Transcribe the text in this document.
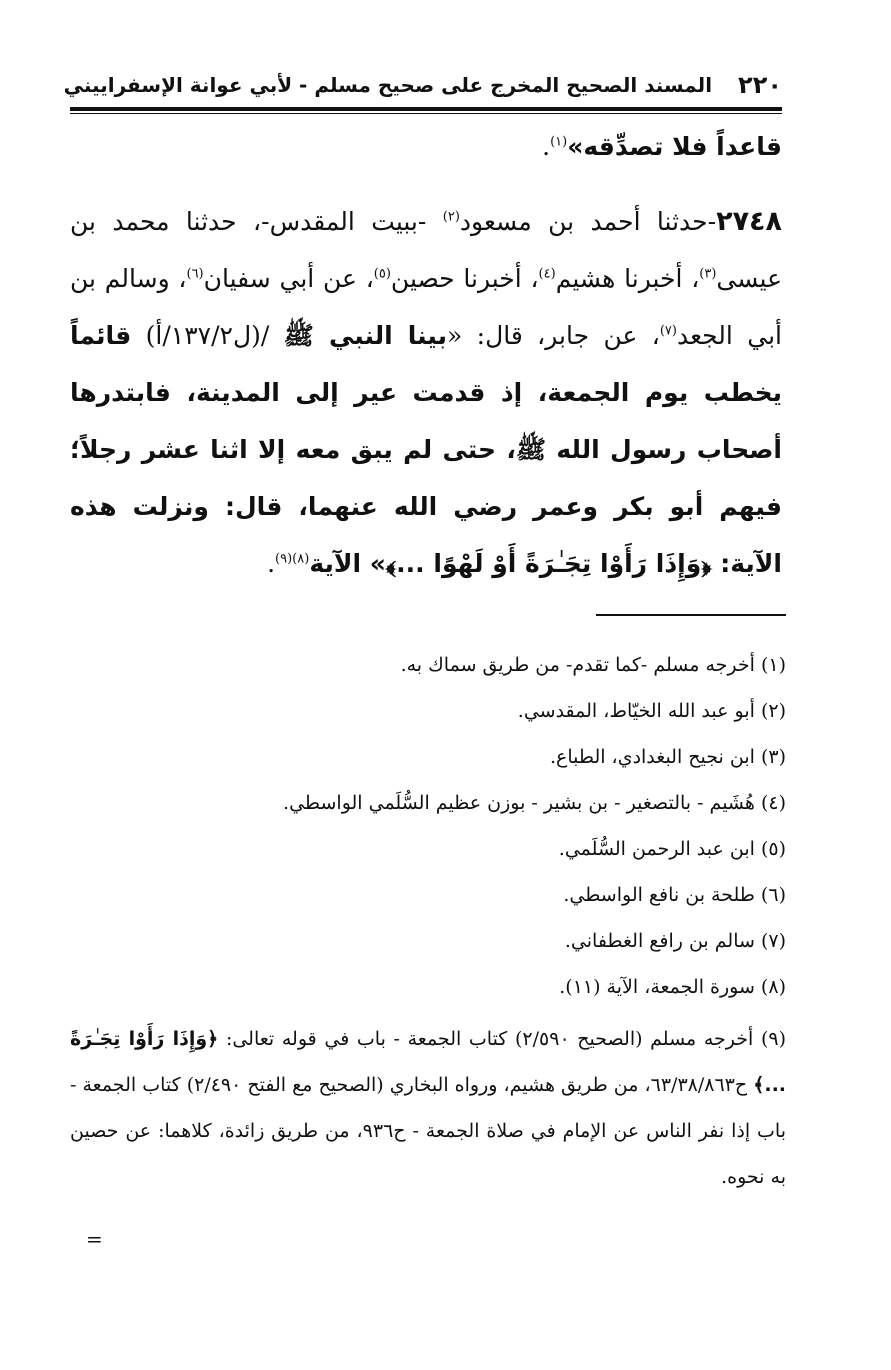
٢٢٠
المسند الصحيح المخرج على صحيح مسلم - لأبي عوانة الإسفراييني

قاعداً فلا تصدِّقه»$^{(١)}$.

٢٧٤٨-حدثنا أحمد بن مسعود$^{(٢)}$ -ببيت المقدس-، حدثنا محمد بن عيسى$^{(٣)}$، أخبرنا هشيم$^{(٤)}$، أخبرنا حصين$^{(٥)}$، عن أبي سفيان$^{(٦)}$، وسالم بن أبي الجعد$^{(٧)}$، عن جابر، قال: «بينا النبي ﷺ /(ل١٣٧/٢/أ) قائماً يخطب يوم الجمعة، إذ قدمت عير إلى المدينة، فابتدرها أصحاب رسول الله ﷺ، حتى لم يبق معه إلا اثنا عشر رجلاً؛ فيهم أبو بكر وعمر رضي الله عنهما، قال: ونزلت هذه الآية: ﴿وَإِذَا رَأَوْا تِجَـٰرَةً أَوْ لَهْوًا ...﴾» الآية$^{(٨)(٩)}$.

(١) أخرجه مسلم -كما تقدم- من طريق سماك به.

(٢) أبو عبد الله الخيّاط، المقدسي.

(٣) ابن نجيح البغدادي، الطباع.

(٤) هُشَيم - بالتصغير - بن بشير - بوزن عظيم السُّلَمي الواسطي.

(٥) ابن عبد الرحمن السُّلَمي.

(٦) طلحة بن نافع الواسطي.

(٧) سالم بن رافع الغطفاني.

(٨) سورة الجمعة، الآية (١١).

(٩) أخرجه مسلم (الصحيح ٢/٥٩٠) كتاب الجمعة - باب في قوله تعالى: ﴿وَإِذَا رَأَوْا تِجَـٰرَةً ...﴾ ح٦٣/٣٨/٨٦٣، من طريق هشيم، ورواه البخاري (الصحيح مع الفتح ٢/٤٩٠) كتاب الجمعة - باب إذا نفر الناس عن الإمام في صلاة الجمعة - ح٩٣٦، من طريق زائدة، كلاهما: عن حصين به نحوه.

=
